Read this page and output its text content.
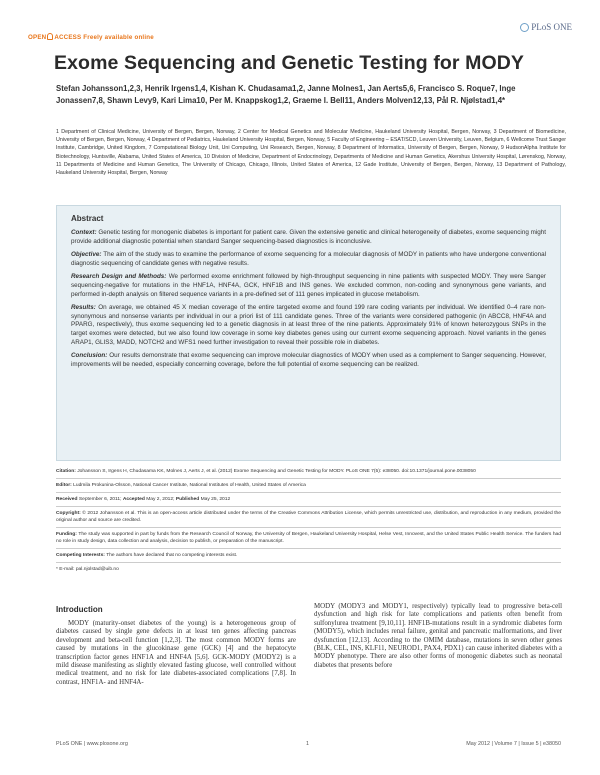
OPEN ACCESS Freely available online
PLoS ONE
Exome Sequencing and Genetic Testing for MODY
Stefan Johansson1,2,3, Henrik Irgens1,4, Kishan K. Chudasama1,2, Janne Molnes1, Jan Aerts5,6, Francisco S. Roque7, Inge Jonassen7,8, Shawn Levy9, Kari Lima10, Per M. Knappskog1,2, Graeme I. Bell11, Anders Molven12,13, Pål R. Njølstad1,4*
1 Department of Clinical Medicine, University of Bergen, Bergen, Norway, 2 Center for Medical Genetics and Molecular Medicine, Haukeland University Hospital, Bergen, Norway, 3 Department of Biomedicine, University of Bergen, Bergen, Norway, 4 Department of Pediatrics, Haukeland University Hospital, Bergen, Norway, 5 Faculty of Engineering – ESAT/SCD, Leuven University, Leuven, Belgium, 6 Wellcome Trust Sanger Institute, Cambridge, United Kingdom, 7 Computational Biology Unit, Uni Computing, Uni Research, Bergen, Norway, 8 Department of Informatics, University of Bergen, Bergen, Norway, 9 HudsonAlpha Institute for Biotechnology, Huntsville, Alabama, United States of America, 10 Division of Medicine, Department of Endocrinology, Departments of Medicine and Human Genetics, Akershus University Hospital, Lørenskog, Norway, 11 Departments of Medicine and Human Genetics, The University of Chicago, Chicago, Illinois, United States of America, 12 Gade Institute, University of Bergen, Bergen, Norway, 13 Department of Pathology, Haukeland University Hospital, Bergen, Norway
Abstract

Context: Genetic testing for monogenic diabetes is important for patient care. Given the extensive genetic and clinical heterogeneity of diabetes, exome sequencing might provide additional diagnostic potential when standard Sanger sequencing-based diagnostics is inconclusive.

Objective: The aim of the study was to examine the performance of exome sequencing for a molecular diagnosis of MODY in patients who have undergone conventional diagnostic sequencing of candidate genes with negative results.

Research Design and Methods: We performed exome enrichment followed by high-throughput sequencing in nine patients with suspected MODY. They were Sanger sequencing-negative for mutations in the HNF1A, HNF4A, GCK, HNF1B and INS genes. We excluded common, non-coding and synonymous gene variants, and performed in-depth analysis on filtered sequence variants in a pre-defined set of 111 genes implicated in glucose metabolism.

Results: On average, we obtained 45 X median coverage of the entire targeted exome and found 199 rare coding variants per individual. We identified 0–4 rare non-synonymous and nonsense variants per individual in our a priori list of 111 candidate genes. Three of the variants were considered pathogenic (in ABCC8, HNF4A and PPARG, respectively), thus exome sequencing led to a genetic diagnosis in at least three of the nine patients. Approximately 91% of known heterozygous SNPs in the target exomes were detected, but we also found low coverage in some key diabetes genes using our current exome sequencing approach. Novel variants in the genes ARAP1, GLIS3, MADD, NOTCH2 and WFS1 need further investigation to reveal their possible role in diabetes.

Conclusion: Our results demonstrate that exome sequencing can improve molecular diagnostics of MODY when used as a complement to Sanger sequencing. However, improvements will be needed, especially concerning coverage, before the full potential of exome sequencing can be realized.

Citation: Johansson S, Irgens H, Chudasama KK, Molnes J, Aerts J, et al. (2012) Exome Sequencing and Genetic Testing for MODY. PLoS ONE 7(5): e38050. doi:10.1371/journal.pone.0038050

Editor: Ludmila Prokunina-Olsson, National Cancer Institute, National Institutes of Health, United States of America

Received September 6, 2011; Accepted May 2, 2012; Published May 25, 2012

Copyright: © 2012 Johansson et al. This is an open-access article distributed under the terms of the Creative Commons Attribution License, which permits unrestricted use, distribution, and reproduction in any medium, provided the original author and source are credited.

Funding: The study was supported in part by funds from the Research Council of Norway, the University of Bergen, Haukeland University Hospital, Helse Vest, Innovest, and the United States Public Health Service. The funders had no role in study design, data collection and analysis, decision to publish, or preparation of the manuscript.

Competing Interests: The authors have declared that no competing interests exist.

* E-mail: pal.njolstad@uib.no

Introduction

MODY (maturity-onset diabetes of the young) is a heterogeneous group of diabetes caused by single gene defects in at least ten genes affecting pancreas development and beta-cell function [1,2,3]. The most common MODY forms are caused by mutations in the glucokinase gene (GCK) [4] and the hepatocyte transcription factor genes HNF1A and HNF4A [5,6]. GCK-MODY (MODY2) is a mild disease manifesting as slightly elevated fasting glucose, well controlled without medical treatment, and no risk for late diabetes-associated complications [7,8]. In contrast, HNF1A- and HNF4A-

MODY (MODY3 and MODY1, respectively) typically lead to progressive beta-cell dysfunction and high risk for late complications and patients often benefit from sulfonylurea treatment [9,10,11]. HNF1B-mutations result in a syndromic diabetes form (MODY5), which includes renal failure, genital and pancreatic malformations, and liver dysfunction [12,13]. According to the OMIM database, mutations in seven other genes (BLK, CEL, INS, KLF11, NEUROD1, PAX4, PDX1) can cause inherited diabetes with a MODY phenotype. There are also other forms of monogenic diabetes such as neonatal diabetes that presents before

PLoS ONE | www.plosone.org	1	May 2012 | Volume 7 | Issue 5 | e38050
